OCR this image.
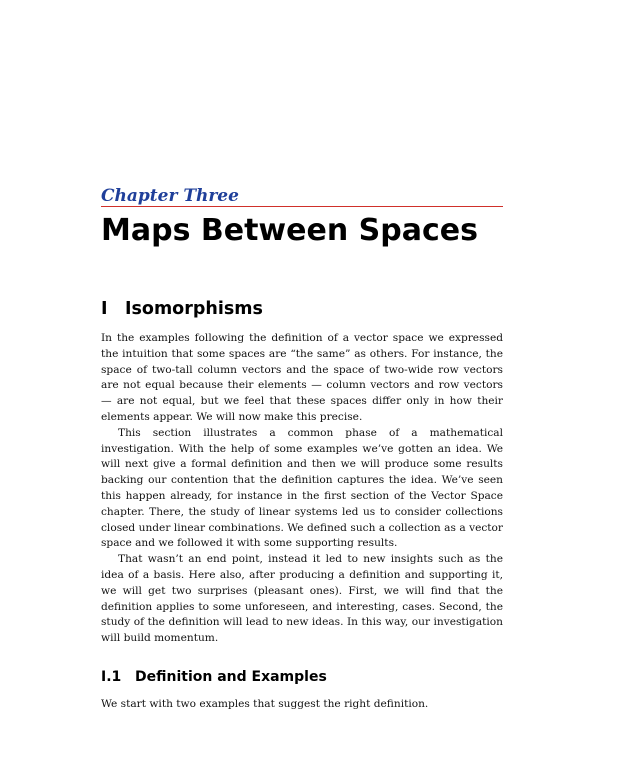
Chapter Three
Maps Between Spaces
I Isomorphisms

In the examples following the definition of a vector space we expressed the intuition that some spaces are “the same” as others. For instance, the space of two-tall column vectors and the space of two-wide row vectors are not equal because their elements — column vectors and row vectors — are not equal, but we feel that these spaces differ only in how their elements appear. We will now make this precise.

This section illustrates a common phase of a mathematical investigation. With the help of some examples we’ve gotten an idea. We will next give a formal definition and then we will produce some results backing our contention that the definition captures the idea. We’ve seen this happen already, for instance in the first section of the Vector Space chapter. There, the study of linear systems led us to consider collections closed under linear combinations. We defined such a collection as a vector space and we followed it with some supporting results.

That wasn’t an end point, instead it led to new insights such as the idea of a basis. Here also, after producing a definition and supporting it, we will get two surprises (pleasant ones). First, we will find that the definition applies to some unforeseen, and interesting, cases. Second, the study of the definition will lead to new ideas. In this way, our investigation will build momentum.

I.1 Definition and Examples

We start with two examples that suggest the right definition.
